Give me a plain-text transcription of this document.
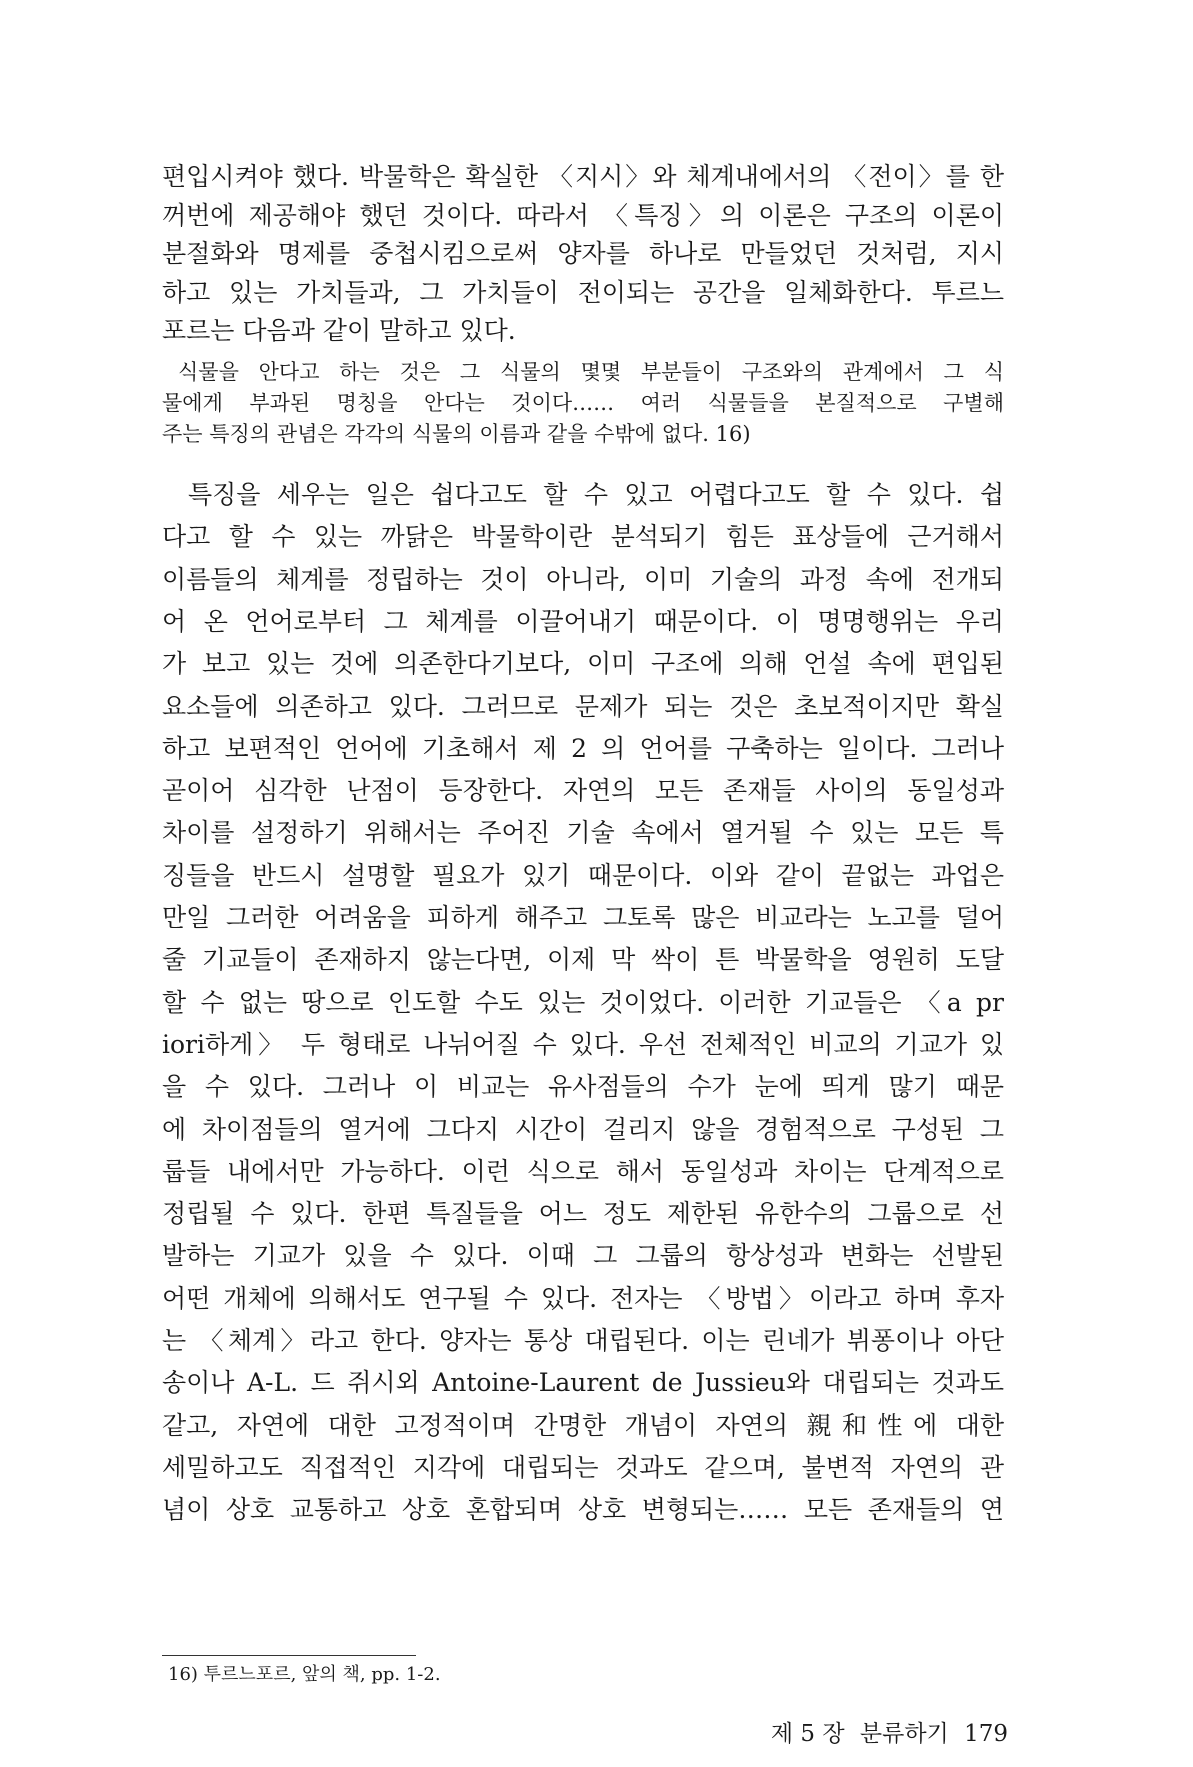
편입시켜야 했다. 박물학은 확실한 〈지시〉와 체계내에서의 〈전이〉를 한
꺼번에 제공해야 했던 것이다. 따라서 〈특징〉의 이론은 구조의 이론이
분절화와 명제를 중첩시킴으로써 양자를 하나로 만들었던 것처럼, 지시
하고 있는 가치들과, 그 가치들이 전이되는 공간을 일체화한다. 투르느
포르는 다음과 같이 말하고 있다.
식물을 안다고 하는 것은 그 식물의 몇몇 부분들이 구조와의 관계에서 그 식
물에게 부과된 명칭을 안다는 것이다…… 여러 식물들을 본질적으로 구별해
주는 특징의 관념은 각각의 식물의 이름과 같을 수밖에 없다. 16)
특징을 세우는 일은 쉽다고도 할 수 있고 어렵다고도 할 수 있다. 쉽
다고 할 수 있는 까닭은 박물학이란 분석되기 힘든 표상들에 근거해서
이름들의 체계를 정립하는 것이 아니라, 이미 기술의 과정 속에 전개되
어 온 언어로부터 그 체계를 이끌어내기 때문이다. 이 명명행위는 우리
가 보고 있는 것에 의존한다기보다, 이미 구조에 의해 언설 속에 편입된
요소들에 의존하고 있다. 그러므로 문제가 되는 것은 초보적이지만 확실
하고 보편적인 언어에 기초해서 제 2 의 언어를 구축하는 일이다. 그러나
곧이어 심각한 난점이 등장한다. 자연의 모든 존재들 사이의 동일성과
차이를 설정하기 위해서는 주어진 기술 속에서 열거될 수 있는 모든 특
징들을 반드시 설명할 필요가 있기 때문이다. 이와 같이 끝없는 과업은
만일 그러한 어려움을 피하게 해주고 그토록 많은 비교라는 노고를 덜어
줄 기교들이 존재하지 않는다면, 이제 막 싹이 튼 박물학을 영원히 도달
할 수 없는 땅으로 인도할 수도 있는 것이었다. 이러한 기교들은 〈a pr
iori하게〉 두 형태로 나뉘어질 수 있다. 우선 전체적인 비교의 기교가 있
을 수 있다. 그러나 이 비교는 유사점들의 수가 눈에 띄게 많기 때문
에 차이점들의 열거에 그다지 시간이 걸리지 않을 경험적으로 구성된 그
룹들 내에서만 가능하다. 이런 식으로 해서 동일성과 차이는 단계적으로
정립될 수 있다. 한편 특질들을 어느 정도 제한된 유한수의 그룹으로 선
발하는 기교가 있을 수 있다. 이때 그 그룹의 항상성과 변화는 선발된
어떤 개체에 의해서도 연구될 수 있다. 전자는 〈방법〉이라고 하며 후자
는 〈체계〉라고 한다. 양자는 통상 대립된다. 이는 린네가 뷔퐁이나 아단
송이나 A-L. 드 쥐시외 Antoine-Laurent de Jussieu와 대립되는 것과도
같고, 자연에 대한 고정적이며 간명한 개념이 자연의 親和性에 대한
세밀하고도 직접적인 지각에 대립되는 것과도 같으며, 불변적 자연의 관
념이 상호 교통하고 상호 혼합되며 상호 변형되는…… 모든 존재들의 연
16) 투르느포르, 앞의 책, pp. 1-2.
제 5 장 분류하기 179
